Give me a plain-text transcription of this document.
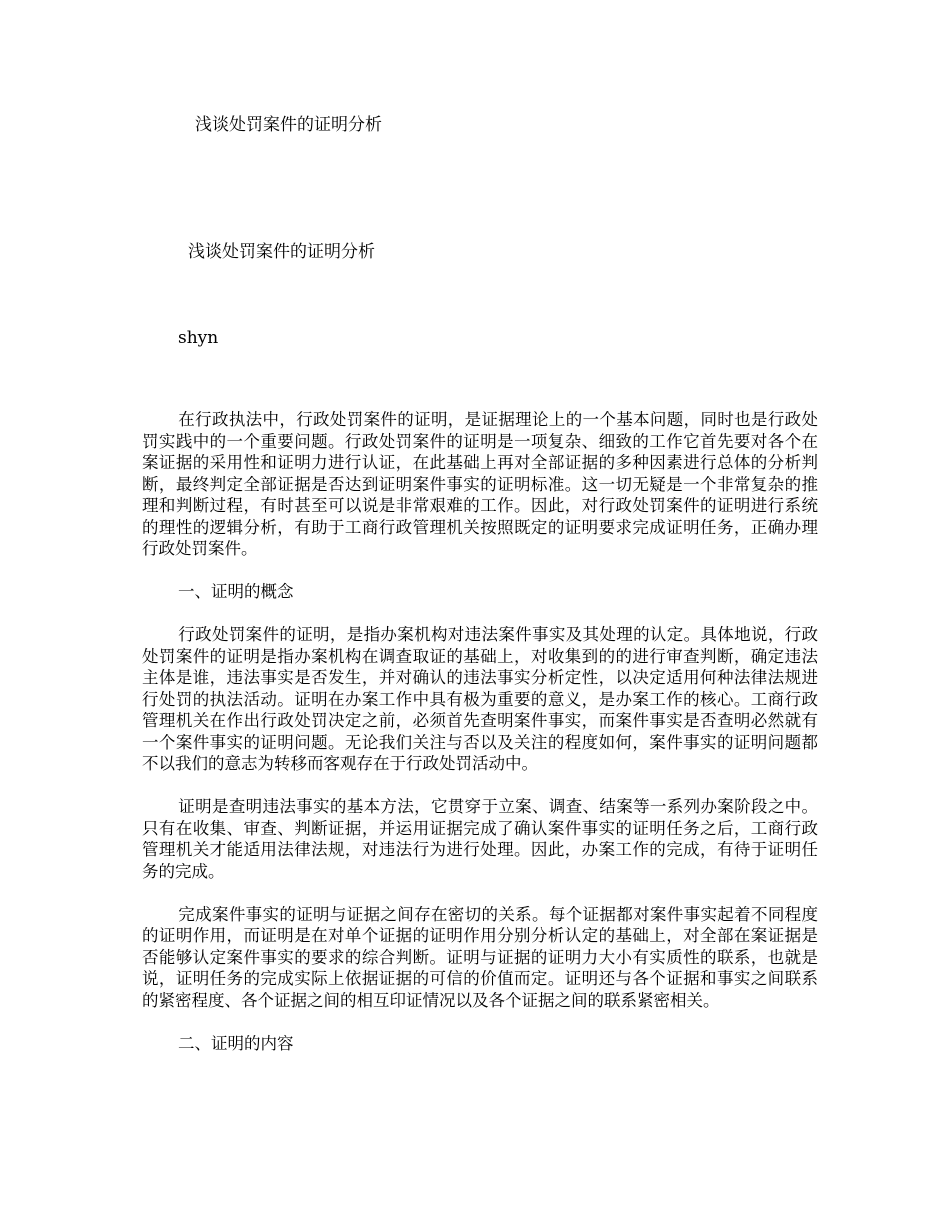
浅谈处罚案件的证明分析
浅谈处罚案件的证明分析
shyn

在行政执法中，行政处罚案件的证明，是证据理论上的一个基本问题，同时也是行政处罚实践中的一个重要问题。行政处罚案件的证明是一项复杂、细致的工作它首先要对各个在案证据的采用性和证明力进行认证，在此基础上再对全部证据的多种因素进行总体的分析判断，最终判定全部证据是否达到证明案件事实的证明标准。这一切无疑是一个非常复杂的推理和判断过程，有时甚至可以说是非常艰难的工作。因此，对行政处罚案件的证明进行系统的理性的逻辑分析，有助于工商行政管理机关按照既定的证明要求完成证明任务，正确办理行政处罚案件。

一、证明的概念

行政处罚案件的证明，是指办案机构对违法案件事实及其处理的认定。具体地说，行政处罚案件的证明是指办案机构在调查取证的基础上，对收集到的的进行审查判断，确定违法主体是谁，违法事实是否发生，并对确认的违法事实分析定性，以决定适用何种法律法规进行处罚的执法活动。证明在办案工作中具有极为重要的意义，是办案工作的核心。工商行政管理机关在作出行政处罚决定之前，必须首先查明案件事实，而案件事实是否查明必然就有一个案件事实的证明问题。无论我们关注与否以及关注的程度如何，案件事实的证明问题都不以我们的意志为转移而客观存在于行政处罚活动中。

证明是查明违法事实的基本方法，它贯穿于立案、调查、结案等一系列办案阶段之中。只有在收集、审查、判断证据，并运用证据完成了确认案件事实的证明任务之后，工商行政管理机关才能适用法律法规，对违法行为进行处理。因此，办案工作的完成，有待于证明任务的完成。

完成案件事实的证明与证据之间存在密切的关系。每个证据都对案件事实起着不同程度的证明作用，而证明是在对单个证据的证明作用分别分析认定的基础上，对全部在案证据是否能够认定案件事实的要求的综合判断。证明与证据的证明力大小有实质性的联系，也就是说，证明任务的完成实际上依据证据的可信的价值而定。证明还与各个证据和事实之间联系的紧密程度、各个证据之间的相互印证情况以及各个证据之间的联系紧密相关。

二、证明的内容
